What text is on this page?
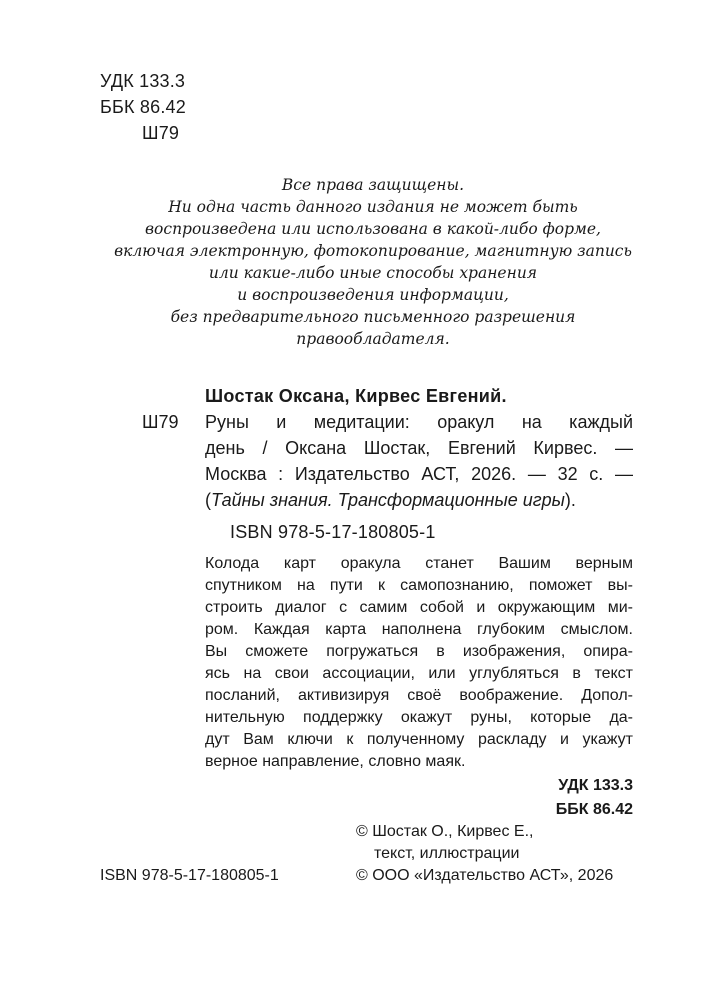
УДК 133.3
ББК 86.42
Ш79
Все права защищены.
Ни одна часть данного издания не может быть
воспроизведена или использована в какой-либо форме,
включая электронную, фотокопирование, магнитную запись
или какие-либо иные способы хранения
и воспроизведения информации,
без предварительного письменного разрешения
правообладателя.
Шостак Оксана, Кирвес Евгений.
Ш79 Руны и медитации: оракул на каждый
день / Оксана Шостак, Евгений Кирвес. —
Москва : Издательство АСТ, 2026. — 32 с. —
(Тайны знания. Трансформационные игры).
ISBN 978-5-17-180805-1
Колода карт оракула станет Вашим верным
спутником на пути к самопознанию, поможет вы-
строить диалог с самим собой и окружающим ми-
ром. Каждая карта наполнена глубоким смыслом.
Вы сможете погружаться в изображения, опира-
ясь на свои ассоциации, или углубляться в текст
посланий, активизируя своё воображение. Допол-
нительную поддержку окажут руны, которые да-
дут Вам ключи к полученному раскладу и укажут
верное направление, словно маяк.
УДК 133.3
ББК 86.42
© Шостак О., Кирвес Е.,
текст, иллюстрации
ISBN 978-5-17-180805-1	© ООО «Издательство АСТ», 2026
